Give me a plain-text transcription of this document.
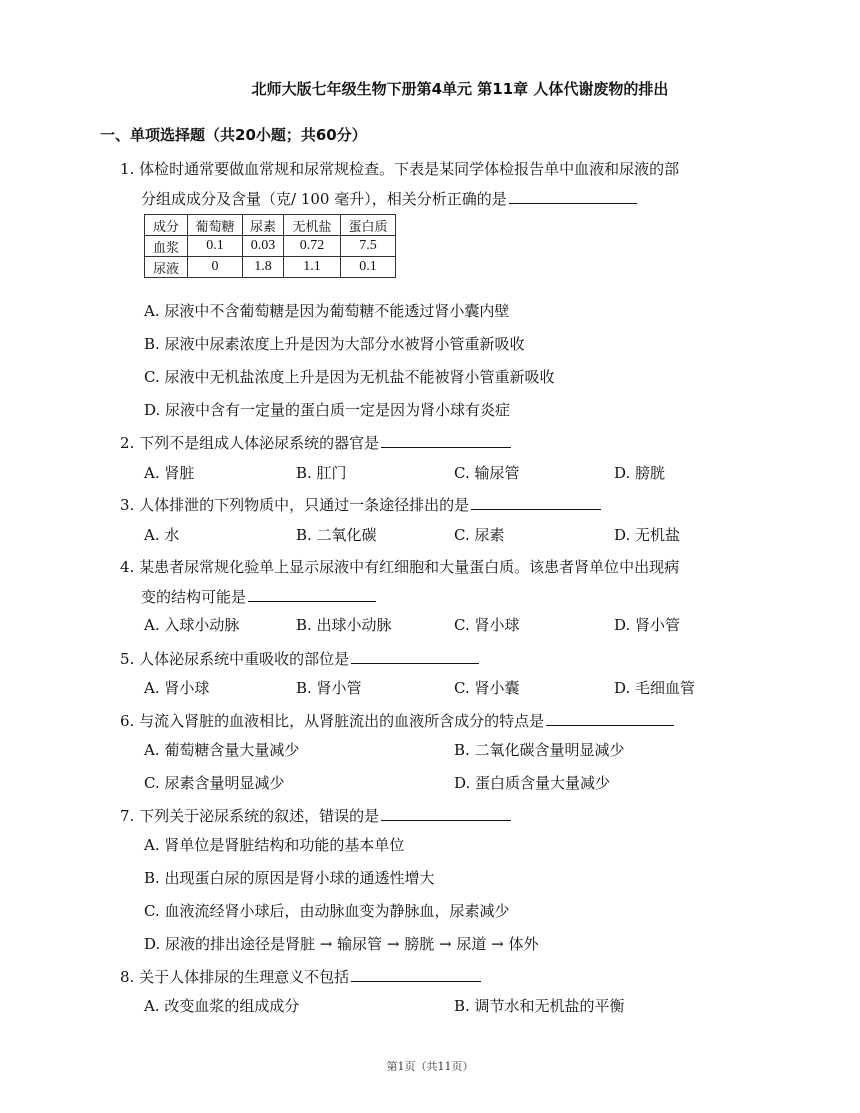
北师大版七年级生物下册第4单元 第11章 人体代谢废物的排出
一、单项选择题（共20小题；共60分）
1. 体检时通常要做血常规和尿常规检查。下表是某同学体检报告单中血液和尿液的部
分组成成分及含量（克/ 100 毫升），相关分析正确的是
成分	葡萄糖	尿素	无机盐	蛋白质
血浆	0.1	0.03	0.72	7.5
尿液	0	1.8	1.1	0.1
A. 尿液中不含葡萄糖是因为葡萄糖不能透过肾小囊内壁
B. 尿液中尿素浓度上升是因为大部分水被肾小管重新吸收
C. 尿液中无机盐浓度上升是因为无机盐不能被肾小管重新吸收
D. 尿液中含有一定量的蛋白质一定是因为肾小球有炎症
2. 下列不是组成人体泌尿系统的器官是
A. 肾脏	B. 肛门	C. 输尿管	D. 膀胱
3. 人体排泄的下列物质中，只通过一条途径排出的是
A. 水	B. 二氧化碳	C. 尿素	D. 无机盐
4. 某患者尿常规化验单上显示尿液中有红细胞和大量蛋白质。该患者肾单位中出现病
变的结构可能是
A. 入球小动脉	B. 出球小动脉	C. 肾小球	D. 肾小管
5. 人体泌尿系统中重吸收的部位是
A. 肾小球	B. 肾小管	C. 肾小囊	D. 毛细血管
6. 与流入肾脏的血液相比，从肾脏流出的血液所含成分的特点是
A. 葡萄糖含量大量减少	B. 二氧化碳含量明显减少
C. 尿素含量明显减少	D. 蛋白质含量大量减少
7. 下列关于泌尿系统的叙述，错误的是
A. 肾单位是肾脏结构和功能的基本单位
B. 出现蛋白尿的原因是肾小球的通透性增大
C. 血液流经肾小球后，由动脉血变为静脉血，尿素减少
D. 尿液的排出途径是肾脏 → 输尿管 → 膀胱 → 尿道 → 体外
8. 关于人体排尿的生理意义不包括
A. 改变血浆的组成成分	B. 调节水和无机盐的平衡
第1页（共11页）
